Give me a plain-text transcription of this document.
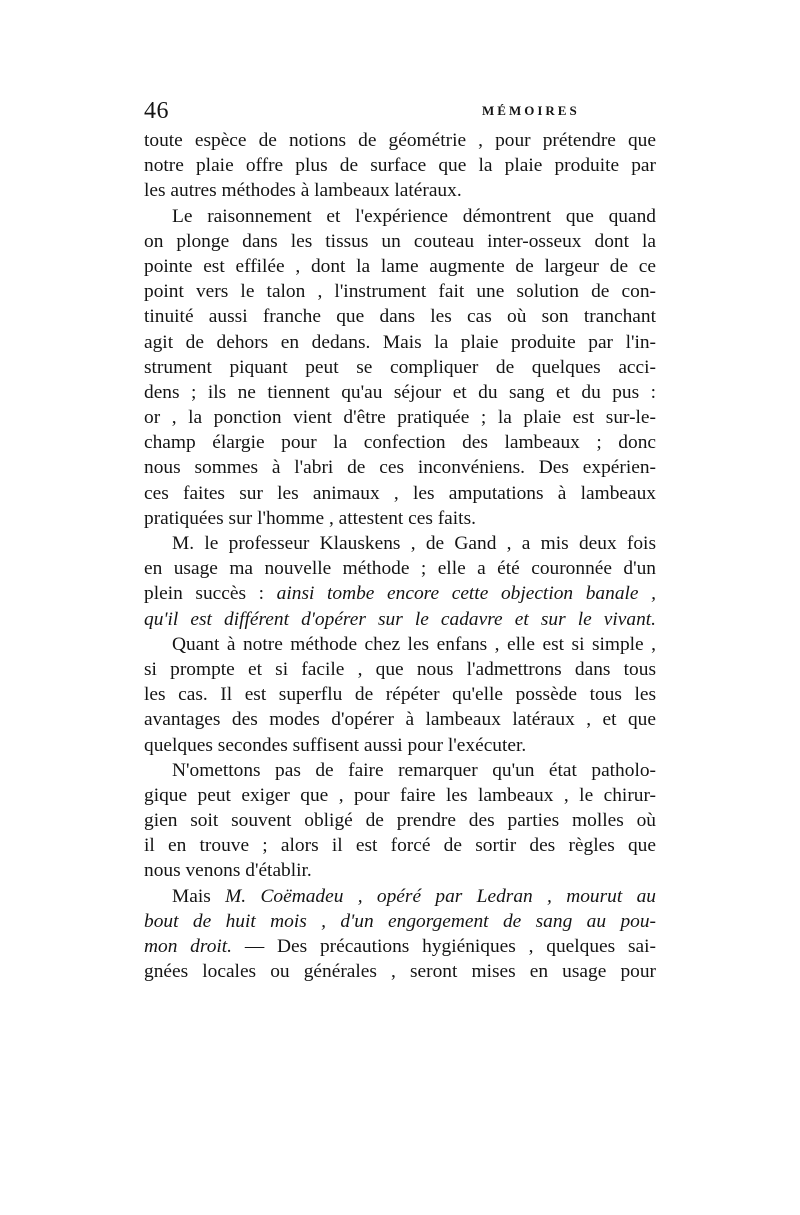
46	MÉMOIRES
toute espèce de notions de géométrie , pour prétendre que
notre plaie offre plus de surface que la plaie produite par
les autres méthodes à lambeaux latéraux.
Le raisonnement et l'expérience démontrent que quand
on plonge dans les tissus un couteau inter-osseux dont la
pointe est effilée , dont la lame augmente de largeur de ce
point vers le talon , l'instrument fait une solution de con-
tinuité aussi franche que dans les cas où son tranchant
agit de dehors en dedans. Mais la plaie produite par l'in-
strument piquant peut se compliquer de quelques acci-
dens ; ils ne tiennent qu'au séjour et du sang et du pus :
or , la ponction vient d'être pratiquée ; la plaie est sur-le-
champ élargie pour la confection des lambeaux ; donc
nous sommes à l'abri de ces inconvéniens. Des expérien-
ces faites sur les animaux , les amputations à lambeaux
pratiquées sur l'homme , attestent ces faits.
M. le professeur Klauskens , de Gand , a mis deux fois
en usage ma nouvelle méthode ; elle a été couronnée d'un
plein succès : ainsi tombe encore cette objection banale ,
qu'il est différent d'opérer sur le cadavre et sur le vivant.
Quant à notre méthode chez les enfans , elle est si simple ,
si prompte et si facile , que nous l'admettrons dans tous
les cas. Il est superflu de répéter qu'elle possède tous les
avantages des modes d'opérer à lambeaux latéraux , et que
quelques secondes suffisent aussi pour l'exécuter.
N'omettons pas de faire remarquer qu'un état patholo-
gique peut exiger que , pour faire les lambeaux , le chirur-
gien soit souvent obligé de prendre des parties molles où
il en trouve ; alors il est forcé de sortir des règles que
nous venons d'établir.
Mais M. Coëmadeu , opéré par Ledran , mourut au
bout de huit mois , d'un engorgement de sang au pou-
mon droit. — Des précautions hygiéniques , quelques sai-
gnées locales ou générales , seront mises en usage pour
